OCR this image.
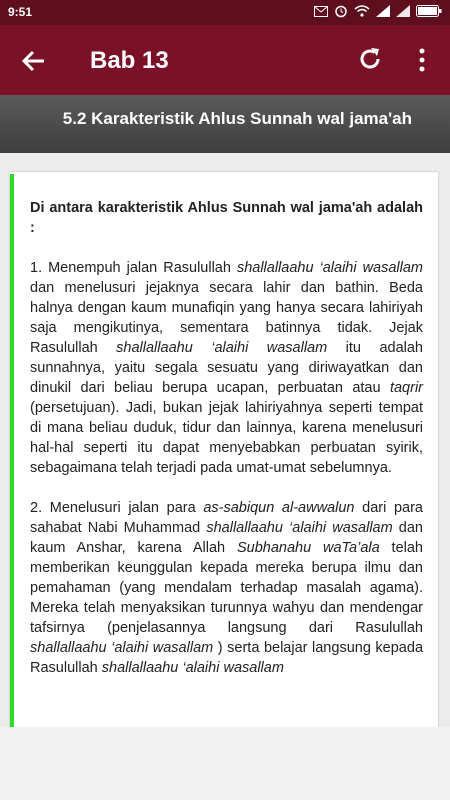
9:51
Bab 13
5.2 Karakteristik Ahlus Sunnah wal jama'ah

Di antara karakteristik Ahlus Sunnah wal jama'ah adalah :

1. Menempuh jalan Rasulullah shallallaahu ‘alaihi wasallam dan menelusuri jejaknya secara lahir dan bathin. Beda halnya dengan kaum munafiqin yang hanya secara lahiriyah saja mengikutinya, sementara batinnya tidak. Jejak Rasulullah shallallaahu ‘alaihi wasallam itu adalah sunnahnya, yaitu segala sesuatu yang diriwayatkan dan dinukil dari beliau berupa ucapan, perbuatan atau taqrir (persetujuan). Jadi, bukan jejak lahiriyahnya seperti tempat di mana beliau duduk, tidur dan lainnya, karena menelusuri hal-hal seperti itu dapat menyebabkan perbuatan syirik, sebagaimana telah terjadi pada umat-umat sebelumnya.

2. Menelusuri jalan para as-sabiqun al-awwalun dari para sahabat Nabi Muhammad shallallaahu ‘alaihi wasallam dan kaum Anshar, karena Allah Subhanahu waTa’ala telah memberikan keunggulan kepada mereka berupa ilmu dan pemahaman (yang mendalam terhadap masalah agama). Mereka telah menyaksikan turunnya wahyu dan mendengar tafsirnya (penjelasannya langsung dari Rasulullah shallallaahu ‘alaihi wasallam ) serta belajar langsung kepada Rasulullah shallallaahu ‘alaihi wasallam
